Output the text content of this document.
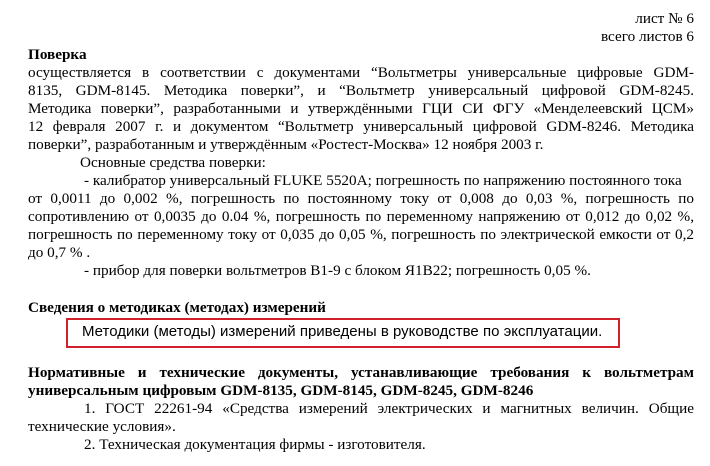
лист № 6
всего листов 6
Поверка
осуществляется в соответствии с документами “Вольтметры универсальные цифровые GDM-
8135, GDM-8145. Методика поверки”, и “Вольтметр универсальный цифровой GDM-8245.
Методика поверки”, разработанными и утверждёнными ГЦИ СИ ФГУ «Менделеевский ЦСМ»
12 февраля 2007 г. и документом “Вольтметр универсальный цифровой GDM-8246. Методика
поверки”, разработанным и утверждённым «Ростест-Москва» 12 ноября 2003 г.
Основные средства поверки:
- калибратор универсальный FLUKE 5520A; погрешность по напряжению постоянного тока
от 0,0011 до 0,002 %, погрешность по постоянному току от 0,008 до 0,03 %, погрешность по
сопротивлению от 0,0035 до 0.04 %, погрешность по переменному напряжению от 0,012 до 0,02 %,
погрешность по переменному току от 0,035 до 0,05 %, погрешность по электрической емкости от 0,2
до 0,7 % .
- прибор для поверки вольтметров В1-9 с блоком Я1В22; погрешность 0,05 %.
Сведения о методиках (методах) измерений
Методики (методы) измерений приведены в руководстве по эксплуатации.
Нормативные и технические документы, устанавливающие требования к вольтметрам
универсальным цифровым GDM-8135, GDM-8145, GDM-8245, GDM-8246
1. ГОСТ 22261-94 «Средства измерений электрических и магнитных величин. Общие
технические условия».
2. Техническая документация фирмы - изготовителя.
